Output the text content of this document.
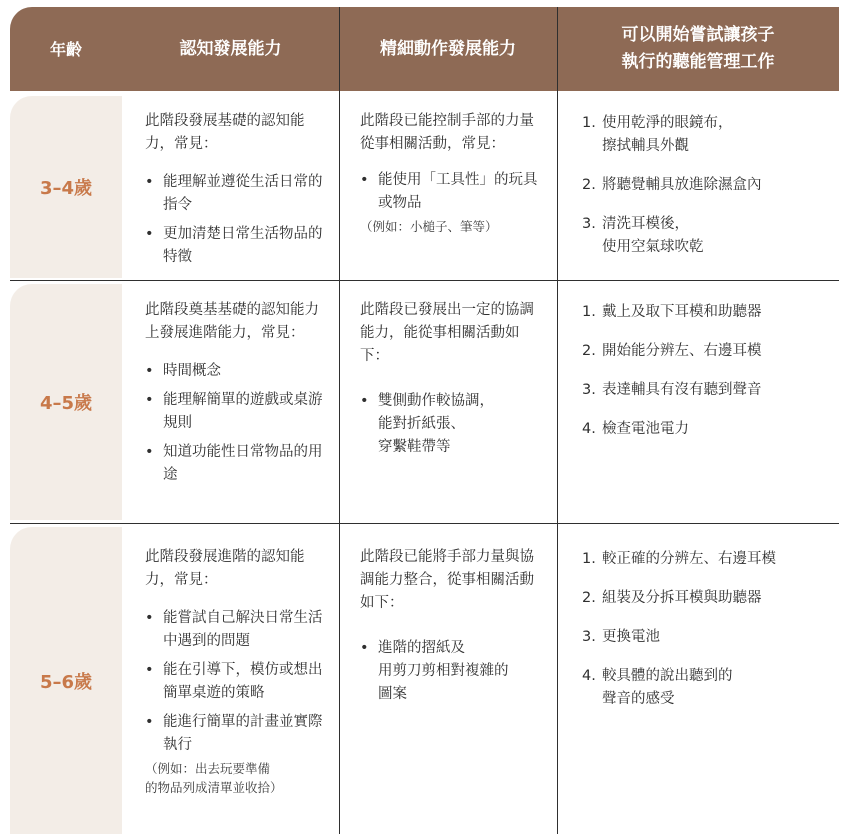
年齡	認知發展能力	精細動作發展能力
可以開始嘗試讓孩子
執行的聽能管理工作
3–4歲
4–5歲
5–6歲
此階段發展基礎的認知能力，常見：
• 能理解並遵從生活日常的指令
• 更加清楚日常生活物品的特徵
此階段已能控制手部的力量從事相關活動，常見：
• 能使用「工具性」的玩具或物品
（例如：小槌子、筆等）
1. 使用乾淨的眼鏡布，
擦拭輔具外觀
2. 將聽覺輔具放進除濕盒內
3. 清洗耳模後，
使用空氣球吹乾
此階段奠基基礎的認知能力上發展進階能力，常見：
• 時間概念
• 能理解簡單的遊戲或桌游規則
• 知道功能性日常物品的用途
此階段已發展出一定的協調能力，能從事相關活動如下：
• 雙側動作較協調，
能對折紙張、
穿繫鞋帶等
1. 戴上及取下耳模和助聽器
2. 開始能分辨左、右邊耳模
3. 表達輔具有沒有聽到聲音
4. 檢查電池電力
此階段發展進階的認知能力，常見：
• 能嘗試自己解決日常生活中遇到的問題
• 能在引導下，模仿或想出簡單桌遊的策略
• 能進行簡單的計畫並實際執行
（例如：出去玩要準備
的物品列成清單並收拾）
此階段已能將手部力量與協調能力整合，從事相關活動如下：
• 進階的摺紙及
用剪刀剪相對複雜的
圖案
1. 較正確的分辨左、右邊耳模
2. 組裝及分拆耳模與助聽器
3. 更換電池
4. 較具體的說出聽到的
聲音的感受
